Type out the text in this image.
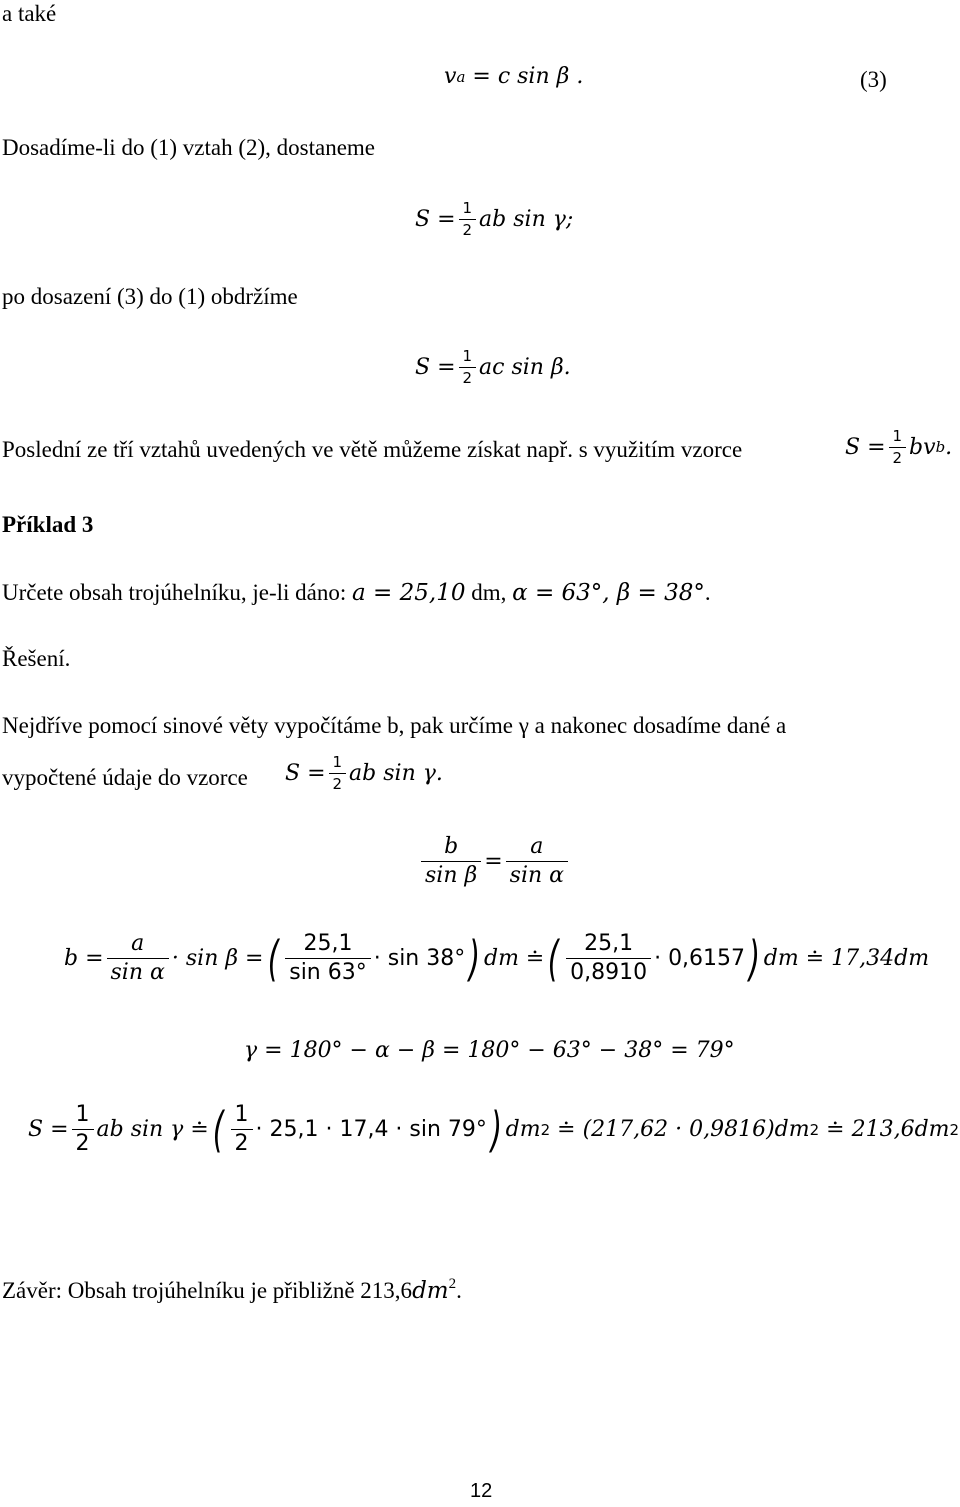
a také
v a
= c sin β .	(3)
Dosadíme-li do (1) vztah (2), dostaneme
$S = \frac{1}{2}$ ab sin γ;
po dosazení (3) do (1) obdržíme
$S = \frac{1}{2}$ ac sin β.
Poslední ze tří vztahů uvedených ve větě můžeme získat např. s využitím vzorce	$S = \frac{1}{2}$ bv b .
Příklad 3
Určete obsah trojúhelníku, je-li dáno: a = 25,10 dm, α = 63°, β = 38°.
Řešení.
Nejdříve pomocí sinové věty vypočítáme b, pak určíme γ a nakonec dosadíme dané a
vypočtené údaje do vzorce $S = \frac{1}{2}$ ab sin γ.
$\frac{b}{\text{sin β}} = \frac{a}{\text{sin α}}$
$b = \frac{a}{\text{sin α}} \cdot \sin \beta$ = ( $\frac{25,1}{\sin 63^\circ} \cdot \sin 38^\circ$ ) dm ≐ ( $\frac{25,1}{0,8910} \cdot 0,6157$ ) dm ≐ 17,34dm
γ = 180° − α − β = 180° − 63° − 38° = 79°
$S = \frac{1}{2}$ ab sin γ ≐ ( $\frac{1}{2} \cdot 25,1 \cdot 17,4 \cdot \sin 79^\circ$ ) dm 2 ≐ (217,62 · 0,9816)dm 2 ≐ 213,6dm 2
Závěr: Obsah trojúhelníku je přibližně $213,6dm^2$.
12
